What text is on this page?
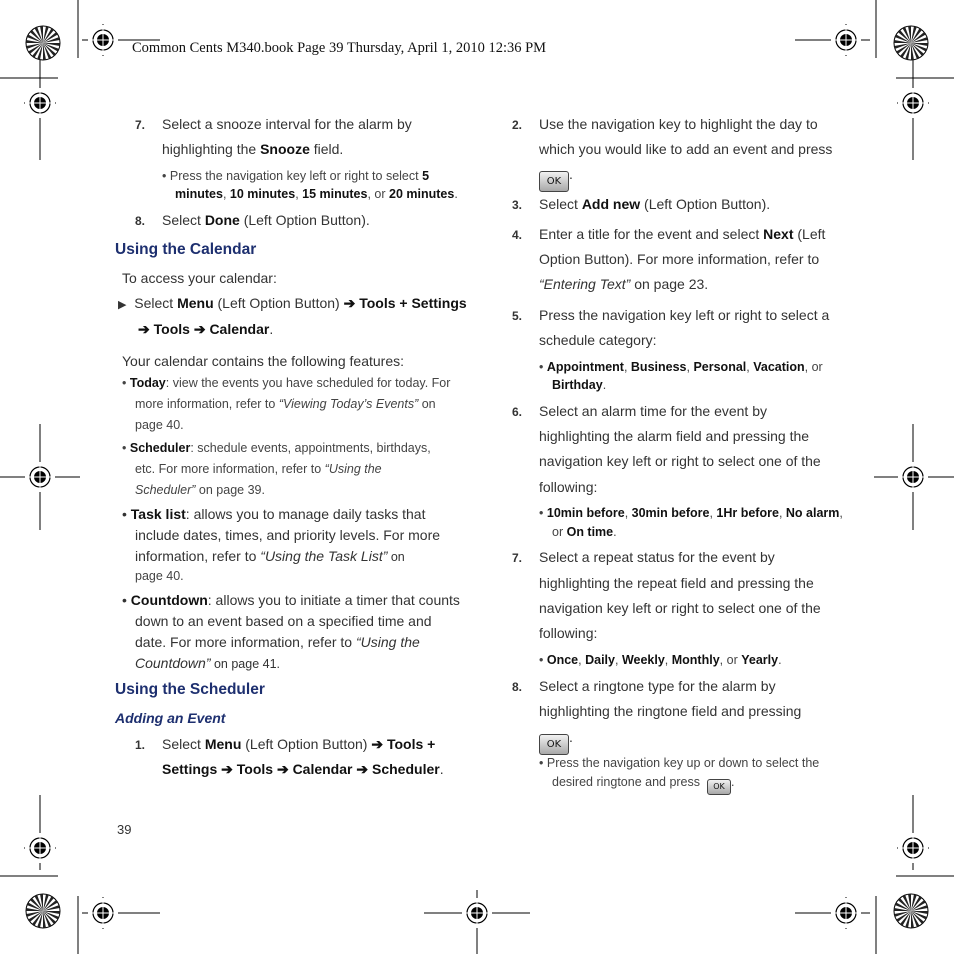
Common Cents M340.book Page 39 Thursday, April 1, 2010 12:36 PM
7. Select a snooze interval for the alarm by
highlighting the Snooze field.
• Press the navigation key left or right to select 5
minutes, 10 minutes, 15 minutes, or 20 minutes.
8. Select Done (Left Option Button).
Using the Calendar
To access your calendar:
▶ Select Menu (Left Option Button) ➔ Tools + Settings
➔ Tools ➔ Calendar.
Your calendar contains the following features:
• Today: view the events you have scheduled for today. For
more information, refer to “Viewing Today’s Events” on
page 40.
• Scheduler: schedule events, appointments, birthdays,
etc. For more information, refer to “Using the
Scheduler” on page 39.
• Task list: allows you to manage daily tasks that
include dates, times, and priority levels. For more
information, refer to “Using the Task List” on
page 40.
• Countdown: allows you to initiate a timer that counts
down to an event based on a specified time and
date. For more information, refer to “Using the
Countdown” on page 41.
Using the Scheduler
Adding an Event
1. Select Menu (Left Option Button) ➔ Tools +
Settings ➔ Tools ➔ Calendar ➔ Scheduler.
39
2. Use the navigation key to highlight the day to
which you would like to add an event and press
OK .
3. Select Add new (Left Option Button).
4. Enter a title for the event and select Next (Left
Option Button). For more information, refer to
“Entering Text” on page 23.
5. Press the navigation key left or right to select a
schedule category:
• Appointment, Business, Personal, Vacation, or
Birthday.
6. Select an alarm time for the event by
highlighting the alarm field and pressing the
navigation key left or right to select one of the
following:
• 10min before, 30min before, 1Hr before, No alarm,
or On time.
7. Select a repeat status for the event by
highlighting the repeat field and pressing the
navigation key left or right to select one of the
following:
• Once, Daily, Weekly, Monthly, or Yearly.
8. Select a ringtone type for the alarm by
highlighting the ringtone field and pressing
OK .
• Press the navigation key up or down to select the
desired ringtone and press OK .
